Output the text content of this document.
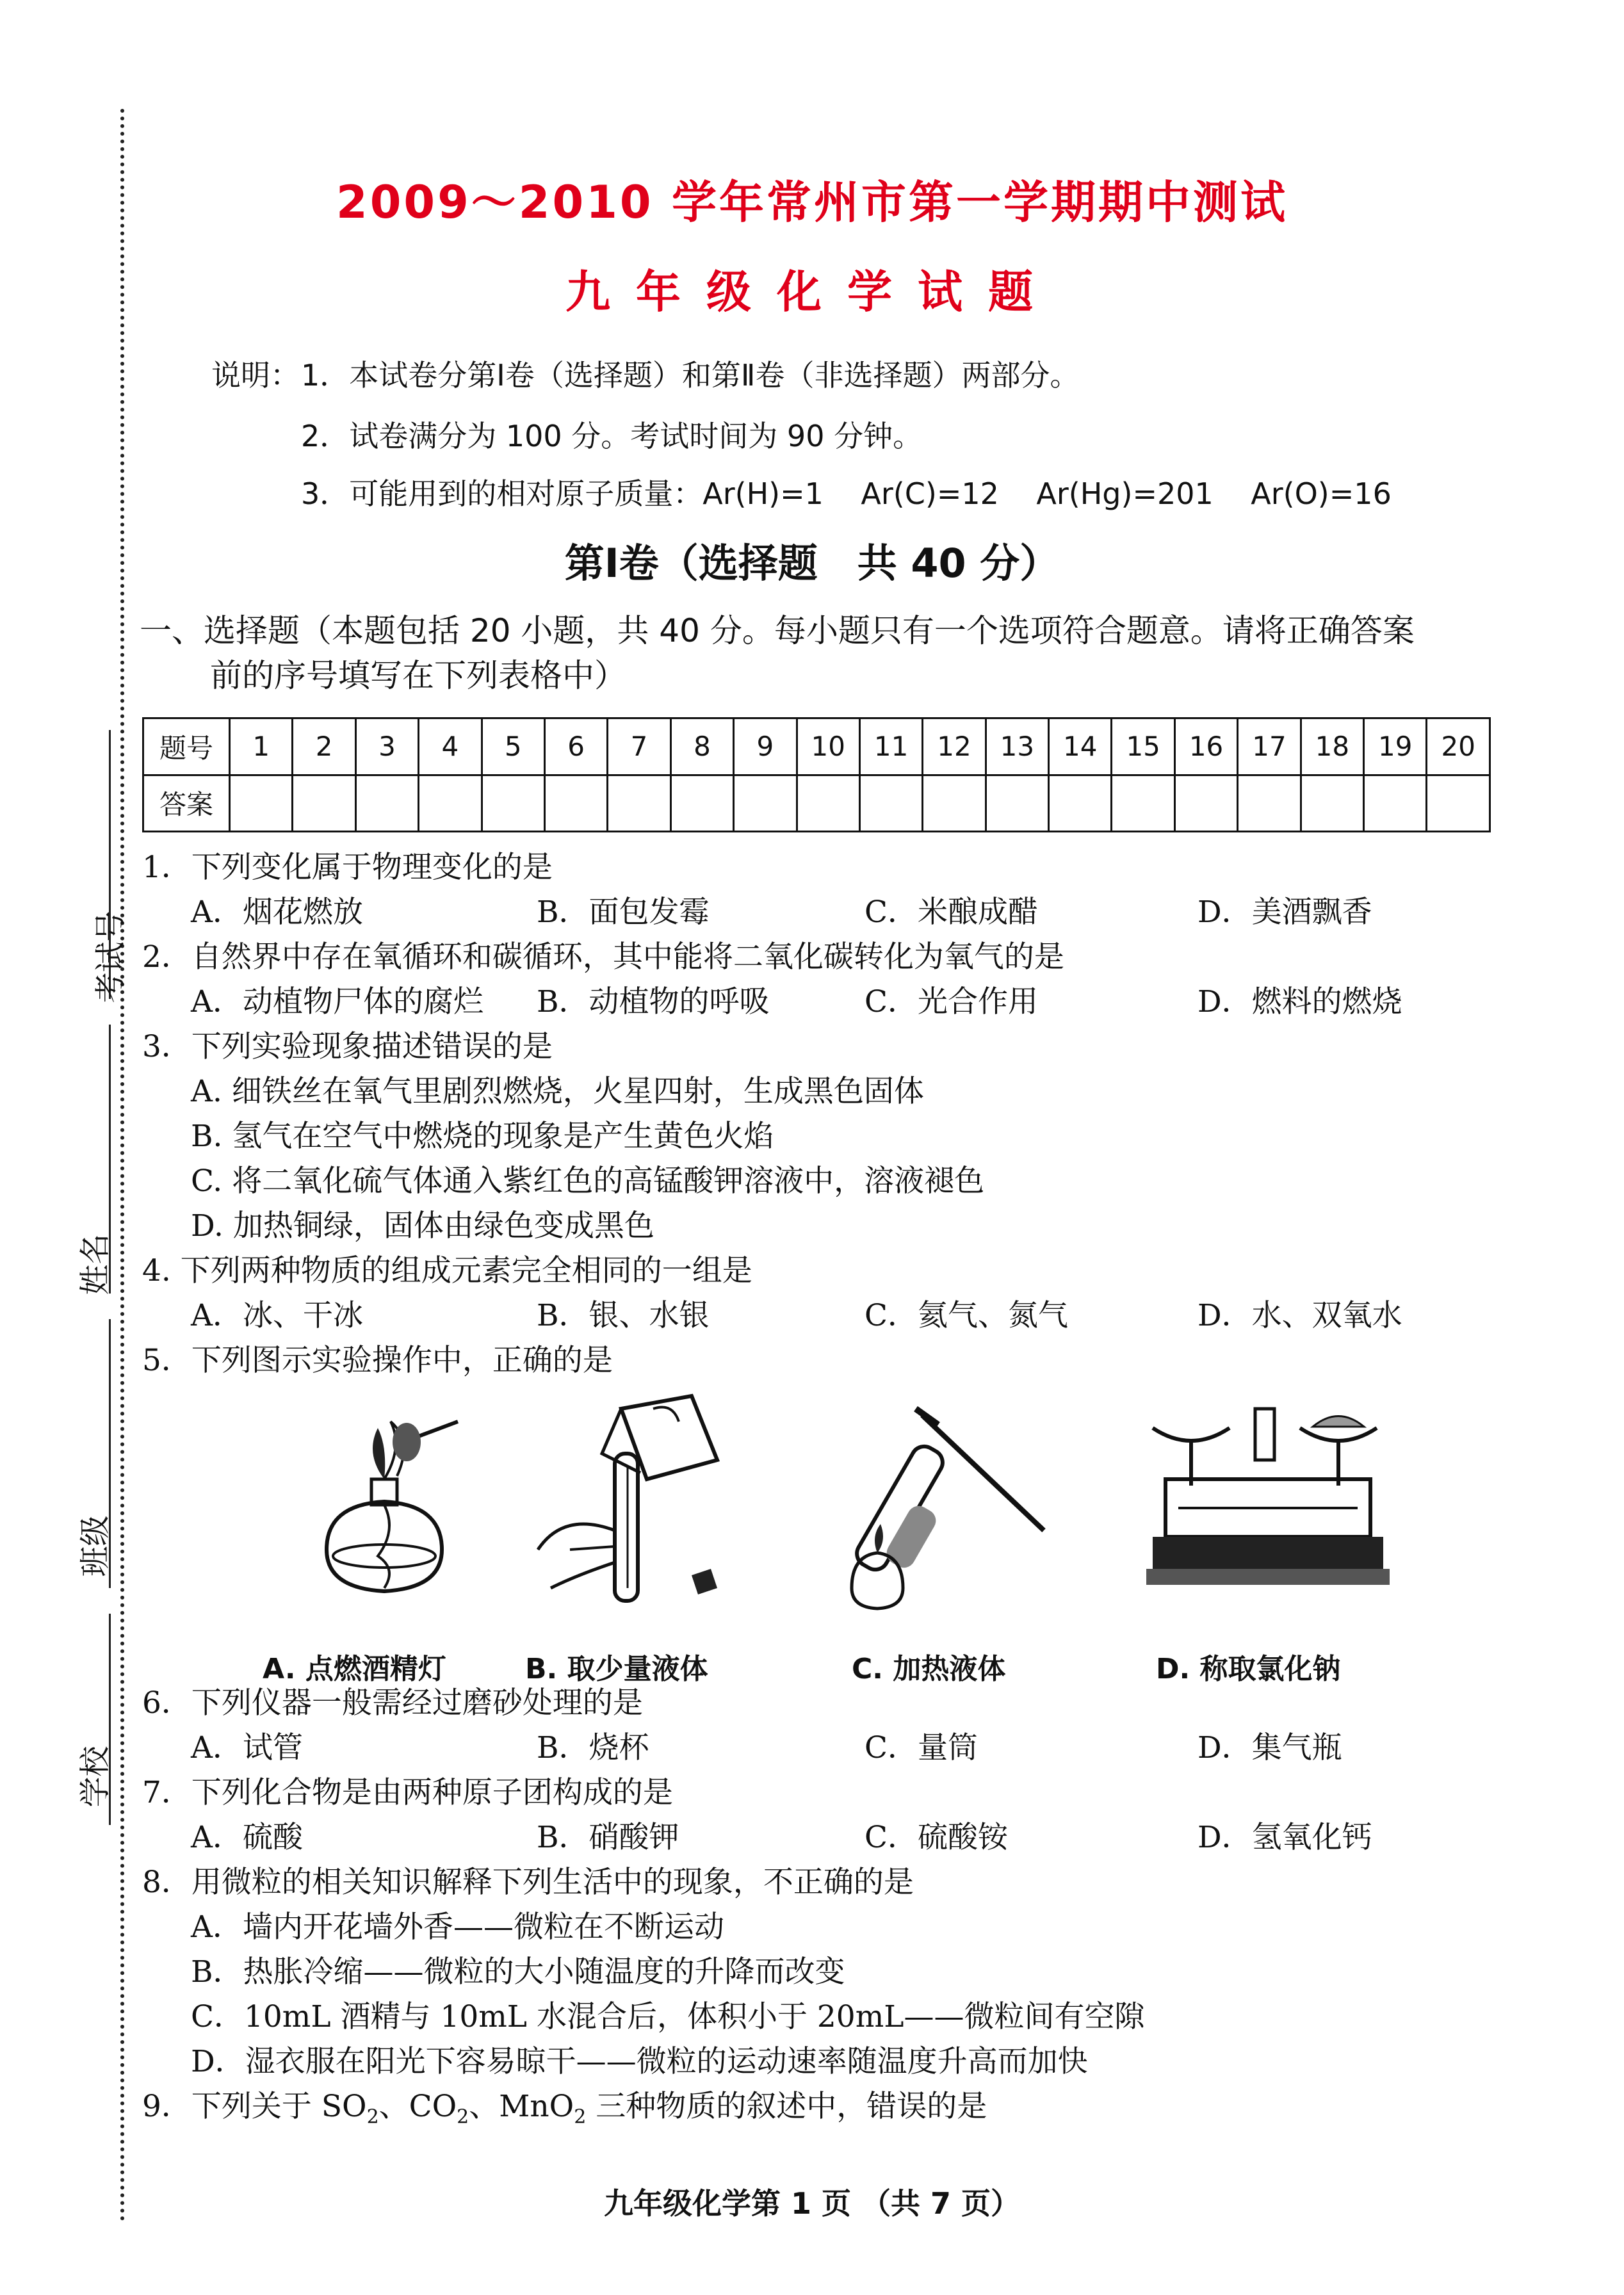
考试号
姓名
班级
学校
2009～2010 学年常州市第一学期期中测试
九年级化学试题
说明： 1．本试卷分第Ⅰ卷（选择题）和第Ⅱ卷（非选择题）两部分。
2．试卷满分为 100 分。考试时间为 90 分钟。
3．可能用到的相对原子质量：Ar(H)=1    Ar(C)=12    Ar(Hg)=201    Ar(O)=16
第Ⅰ卷（选择题　共 40 分）
一、选择题（本题包括 20 小题，共 40 分。每小题只有一个选项符合题意。请将正确答案
前的序号填写在下列表格中）
题号	1	2	3	4	5	6	7	8	9	10	11	12	13	14	15	16	17	18	19	20
答案																				
1．下列变化属于物理变化的是
A．烟花燃放	B．面包发霉	C．米酿成醋	D．美酒飘香
2．自然界中存在氧循环和碳循环，其中能将二氧化碳转化为氧气的是
A．动植物尸体的腐烂 B．动植物的呼吸	C．光合作用	D．燃料的燃烧
3．下列实验现象描述错误的是
A. 细铁丝在氧气里剧烈燃烧，火星四射，生成黑色固体
B. 氢气在空气中燃烧的现象是产生黄色火焰
C. 将二氧化硫气体通入紫红色的高锰酸钾溶液中，溶液褪色
D. 加热铜绿，固体由绿色变成黑色
4. 下列两种物质的组成元素完全相同的一组是
A．冰、干冰	B．银、水银	C．氦气、氮气	D．水、双氧水
5．下列图示实验操作中，正确的是
A. 点燃酒精灯	B. 取少量液体	C. 加热液体	D. 称取氯化钠
6．下列仪器一般需经过磨砂处理的是
A．试管	B．烧杯	C．量筒	D．集气瓶
7．下列化合物是由两种原子团构成的是
A．硫酸	B．硝酸钾	C．硫酸铵	D．氢氧化钙
8．用微粒的相关知识解释下列生活中的现象，不正确的是
A．墙内开花墙外香——微粒在不断运动
B．热胀冷缩——微粒的大小随温度的升降而改变
C．10mL 酒精与 10mL 水混合后，体积小于 20mL——微粒间有空隙
D．湿衣服在阳光下容易晾干——微粒的运动速率随温度升高而加快
9．下列关于 $SO_2$、$CO_2$、MnO$_2$ 三种物质的叙述中，错误的是
九年级化学第 1 页 （共 7 页）
